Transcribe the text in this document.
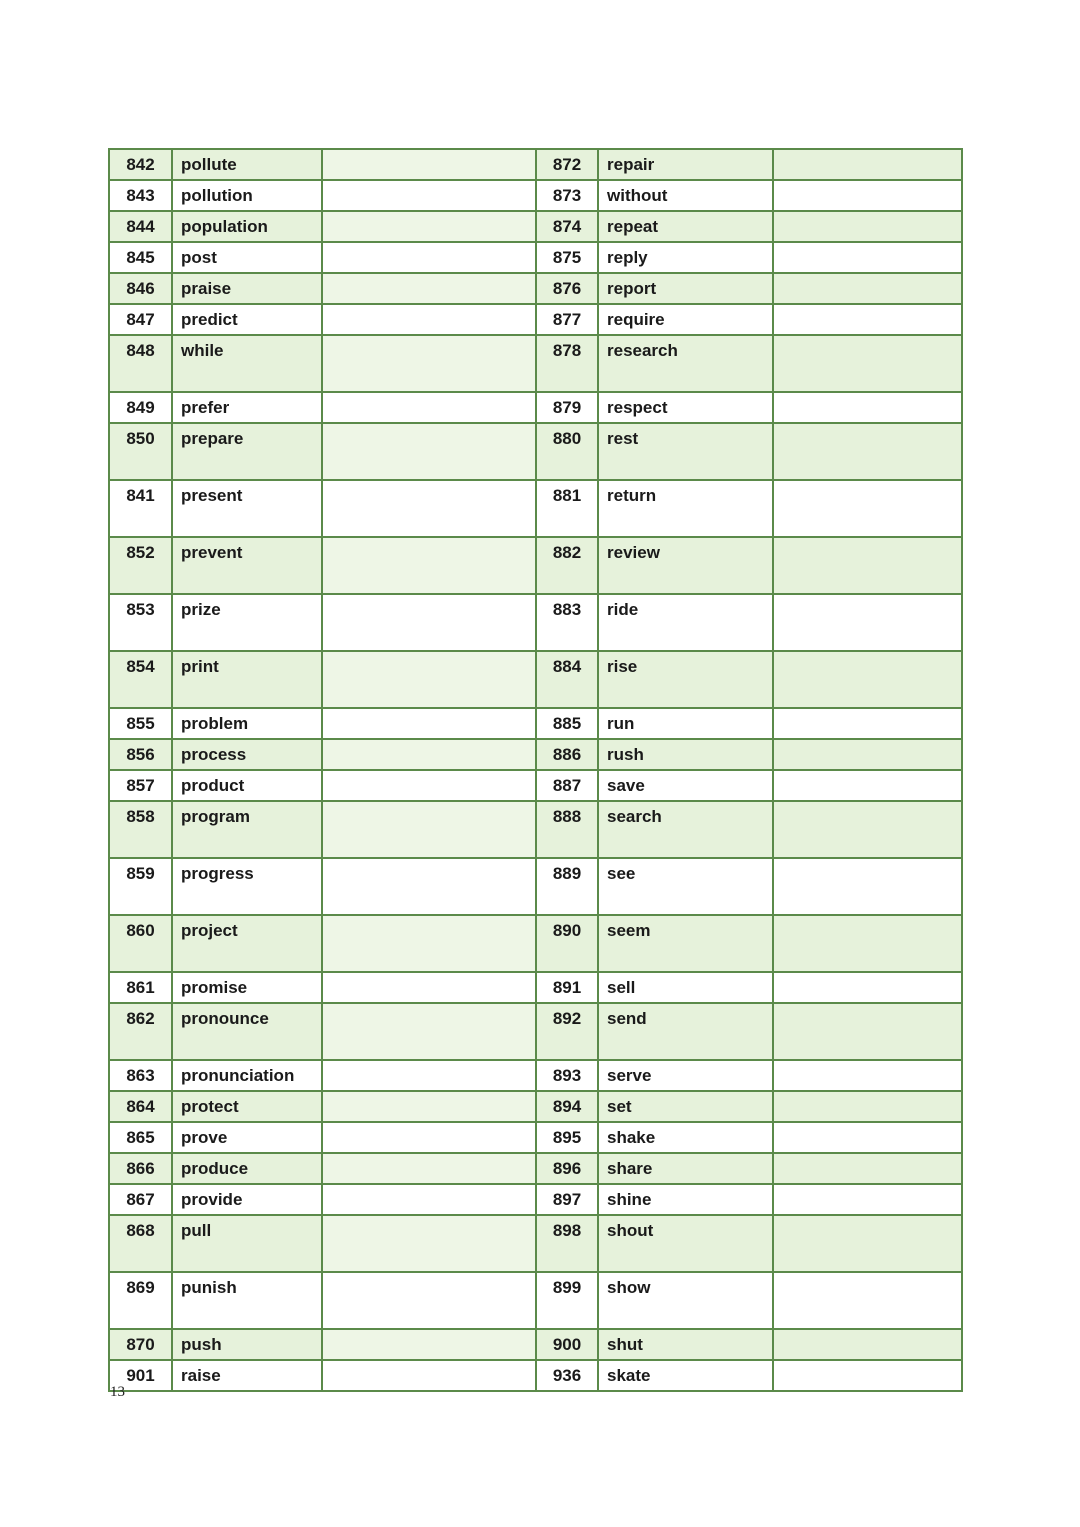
842	pollute		872	repair	
843	pollution		873	without	
844	population		874	repeat	
845	post		875	reply	
846	praise		876	report	
847	predict		877	require	
848	while		878	research	
849	prefer		879	respect	
850	prepare		880	rest	
841	present		881	return	
852	prevent		882	review	
853	prize		883	ride	
854	print		884	rise	
855	problem		885	run	
856	process		886	rush	
857	product		887	save	
858	program		888	search	
859	progress		889	see	
860	project		890	seem	
861	promise		891	sell	
862	pronounce		892	send	
863	pronunciation		893	serve	
864	protect		894	set	
865	prove		895	shake	
866	produce		896	share	
867	provide		897	shine	
868	pull		898	shout	
869	punish		899	show	
870	push		900	shut	
901	raise		936	skate	
13
